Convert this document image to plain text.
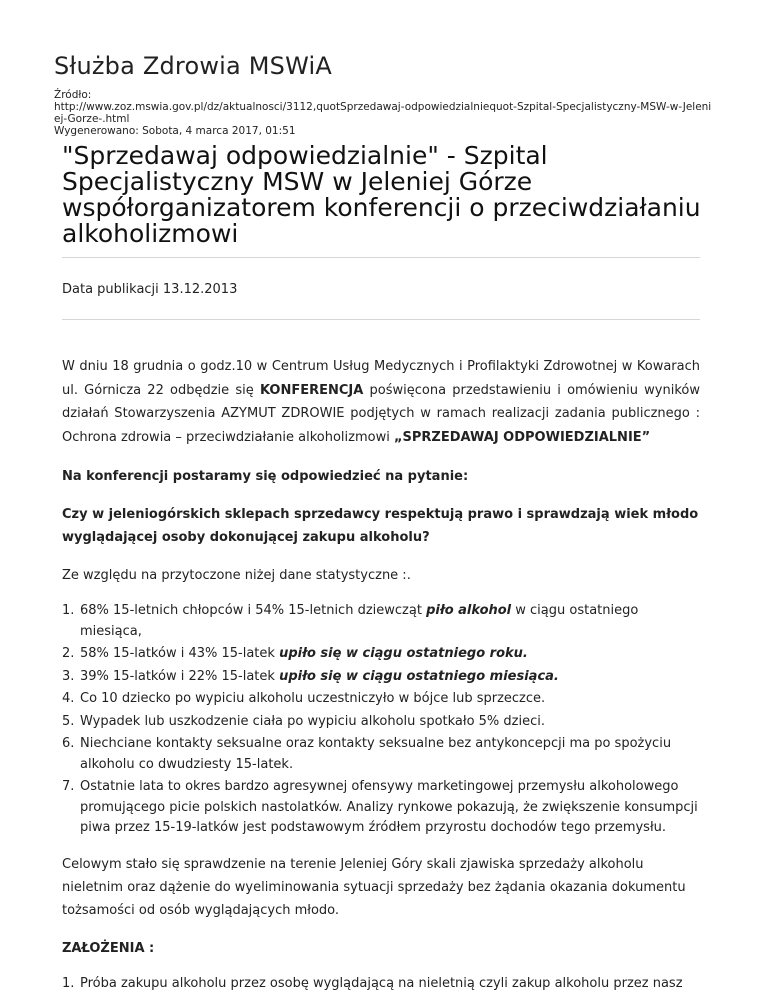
Służba Zdrowia MSWiA
Źródło:
http://www.zoz.mswia.gov.pl/dz/aktualnosci/3112,quotSprzedawaj-odpowiedzialniequot-Szpital-Specjalistyczny-MSW-w-Jeleniej-Gorze-.html
Wygenerowano: Sobota, 4 marca 2017, 01:51
"Sprzedawaj odpowiedzialnie" - Szpital Specjalistyczny MSW w Jeleniej Górze współorganizatorem konferencji o przeciwdziałaniu alkoholizmowi
Data publikacji 13.12.2013

W dniu 18 grudnia o godz.10 w Centrum Usług Medycznych i Profilaktyki Zdrowotnej w Kowarach ul. Górnicza 22 odbędzie się KONFERENCJA poświęcona przedstawieniu i omówieniu wyników działań Stowarzyszenia AZYMUT ZDROWIE podjętych w ramach realizacji zadania publicznego : Ochrona zdrowia – przeciwdziałanie alkoholizmowi „SPRZEDAWAJ ODPOWIEDZIALNIE”

Na konferencji postaramy się odpowiedzieć na pytanie:

Czy w jeleniogórskich sklepach sprzedawcy respektują prawo i sprawdzają wiek młodo wyglądającej osoby dokonującej zakupu alkoholu?

Ze względu na przytoczone niżej dane statystyczne :.

1. 68% 15-letnich chłopców i 54% 15-letnich dziewcząt piło alkohol w ciągu ostatniego miesiąca,
2. 58% 15-latków i 43% 15-latek upiło się w ciągu ostatniego roku.
3. 39% 15-latków i 22% 15-latek upiło się w ciągu ostatniego miesiąca.
4. Co 10 dziecko po wypiciu alkoholu uczestniczyło w bójce lub sprzeczce.
5. Wypadek lub uszkodzenie ciała po wypiciu alkoholu spotkało 5% dzieci.
6. Niechciane kontakty seksualne oraz kontakty seksualne bez antykoncepcji ma po spożyciu alkoholu co dwudziesty 15-latek.
7. Ostatnie lata to okres bardzo agresywnej ofensywy marketingowej przemysłu alkoholowego promującego picie polskich nastolatków. Analizy rynkowe pokazują, że zwiększenie konsumpcji piwa przez 15-19-latków jest podstawowym źródłem przyrostu dochodów tego przemysłu.

Celowym stało się sprawdzenie na terenie Jeleniej Góry skali zjawiska sprzedaży alkoholu nieletnim oraz dążenie do wyeliminowania sytuacji sprzedaży bez żądania okazania dokumentu tożsamości od osób wyglądających młodo.

ZAŁOŻENIA :

1. Próba zakupu alkoholu przez osobę wyglądającą na nieletnią czyli zakup alkoholu przez nasz
